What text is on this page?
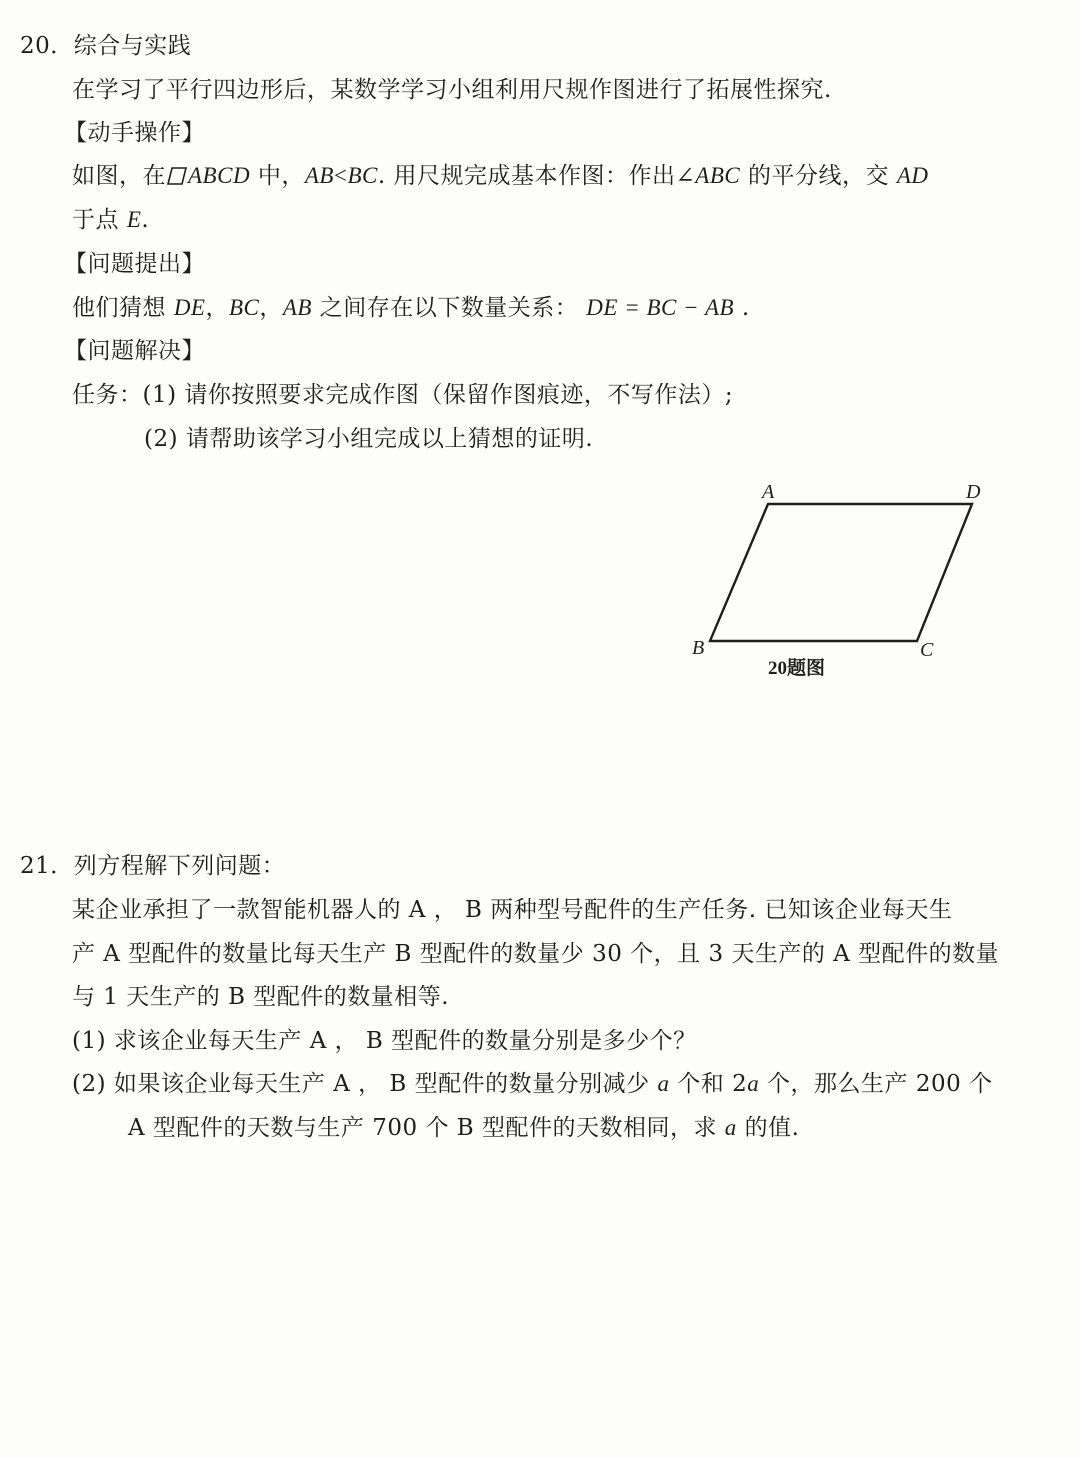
20．综合与实践
在学习了平行四边形后，某数学学习小组利用尺规作图进行了拓展性探究.
【动手操作】
如图，在 ABCD 中，AB<BC. 用尺规完成基本作图：作出∠ABC 的平分线，交 AD
于点 E.
【问题提出】
他们猜想 DE，BC，AB 之间存在以下数量关系： DE = BC − AB .
【问题解决】
任务：(1) 请你按照要求完成作图（保留作图痕迹，不写作法）;
(2) 请帮助该学习小组完成以上猜想的证明.
A	D
B	C
20题图
21．列方程解下列问题：
某企业承担了一款智能机器人的 A ， B 两种型号配件的生产任务. 已知该企业每天生
产 A 型配件的数量比每天生产 B 型配件的数量少 30 个，且 3 天生产的 A 型配件的数量
与 1 天生产的 B 型配件的数量相等.
(1) 求该企业每天生产 A ， B 型配件的数量分别是多少个？
(2) 如果该企业每天生产 A ， B 型配件的数量分别减少 a 个和 2a 个，那么生产 200 个
A 型配件的天数与生产 700 个 B 型配件的天数相同，求 a 的值.
